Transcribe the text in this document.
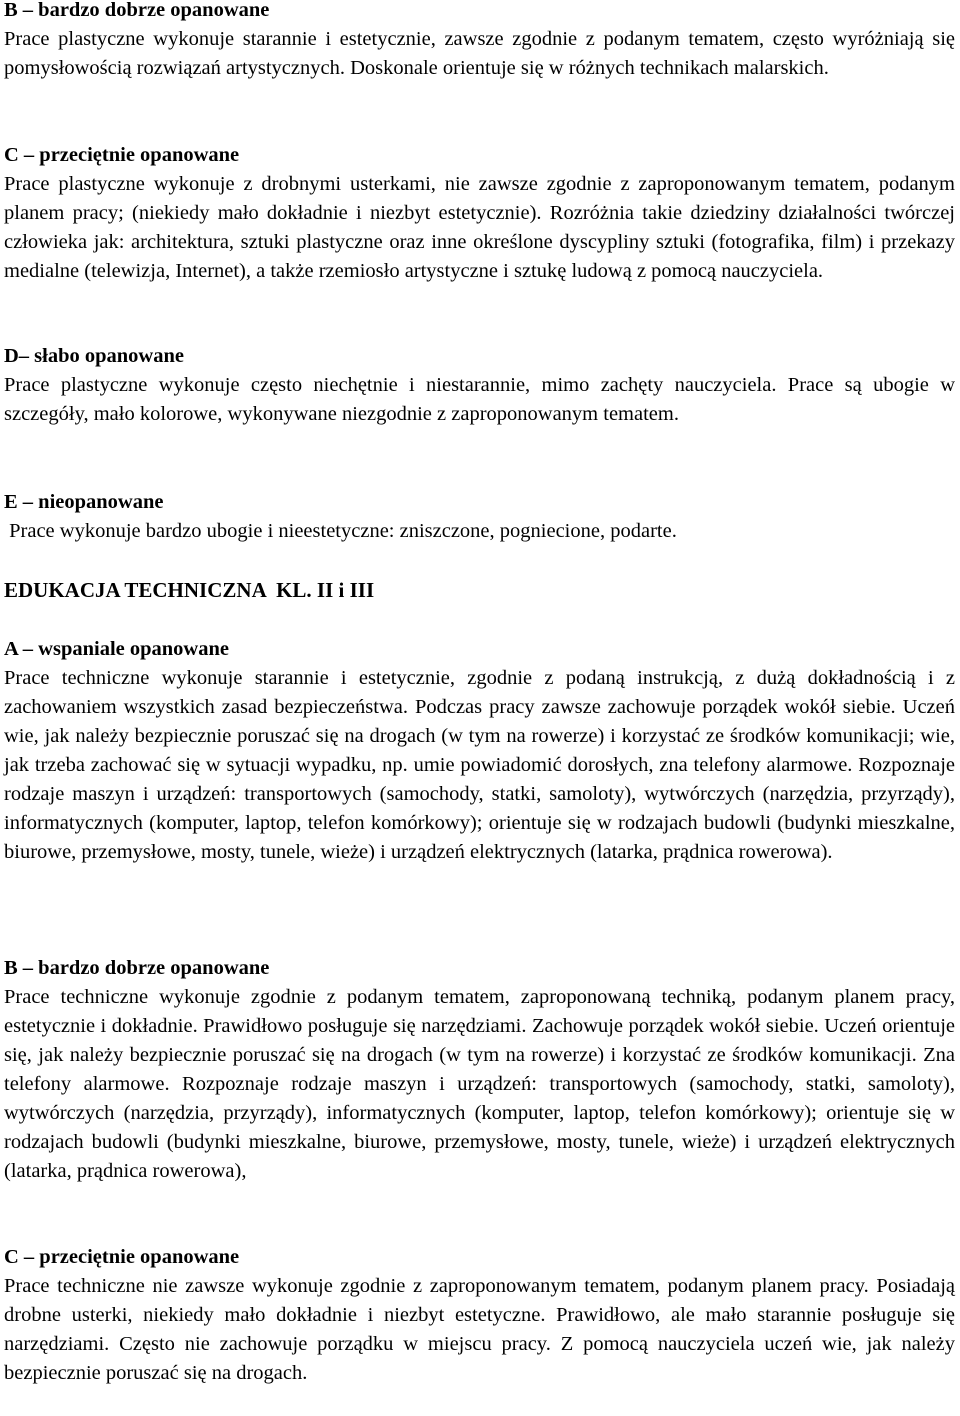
B – bardzo dobrze opanowane

Prace plastyczne wykonuje starannie i estetycznie, zawsze zgodnie z podanym tematem, często wyróżniają się pomysłowością rozwiązań artystycznych. Doskonale orientuje się w różnych technikach malarskich.

C – przeciętnie opanowane

Prace plastyczne wykonuje z drobnymi usterkami, nie zawsze zgodnie z zaproponowanym tematem, podanym planem pracy; (niekiedy mało dokładnie i niezbyt estetycznie). Rozróżnia takie dziedziny działalności twórczej człowieka jak: architektura, sztuki plastyczne oraz inne określone dyscypliny sztuki (fotografika, film) i przekazy medialne (telewizja, Internet), a także rzemiosło artystyczne i sztukę ludową z pomocą nauczyciela.

D– słabo opanowane

Prace plastyczne wykonuje często niechętnie i niestarannie, mimo zachęty nauczyciela. Prace są ubogie w szczegóły, mało kolorowe, wykonywane niezgodnie z zaproponowanym tematem.

E – nieopanowane

Prace wykonuje bardzo ubogie i nieestetyczne: zniszczone, pogniecione, podarte.

EDUKACJA TECHNICZNA  KL. II i III

A – wspaniale opanowane

Prace techniczne wykonuje starannie i estetycznie, zgodnie z podaną instrukcją, z dużą dokładnością i z zachowaniem wszystkich zasad bezpieczeństwa. Podczas pracy zawsze zachowuje porządek wokół siebie. Uczeń wie, jak należy bezpiecznie poruszać się na drogach (w tym na rowerze) i korzystać ze środków komunikacji; wie, jak trzeba zachować się w sytuacji wypadku, np. umie powiadomić dorosłych, zna telefony alarmowe. Rozpoznaje rodzaje maszyn i urządzeń: transportowych (samochody, statki, samoloty), wytwórczych (narzędzia, przyrządy), informatycznych (komputer, laptop, telefon komórkowy); orientuje się w rodzajach budowli (budynki mieszkalne, biurowe, przemysłowe, mosty, tunele, wieże) i urządzeń elektrycznych (latarka, prądnica rowerowa).

B – bardzo dobrze opanowane

Prace techniczne wykonuje zgodnie z podanym tematem, zaproponowaną techniką, podanym planem pracy, estetycznie i dokładnie. Prawidłowo posługuje się narzędziami. Zachowuje porządek wokół siebie. Uczeń orientuje się, jak należy bezpiecznie poruszać się na drogach (w tym na rowerze) i korzystać ze środków komunikacji. Zna telefony alarmowe. Rozpoznaje rodzaje maszyn i urządzeń: transportowych (samochody, statki, samoloty), wytwórczych (narzędzia, przyrządy), informatycznych (komputer, laptop, telefon komórkowy); orientuje się w rodzajach budowli (budynki mieszkalne, biurowe, przemysłowe, mosty, tunele, wieże) i urządzeń elektrycznych (latarka, prądnica rowerowa),

C – przeciętnie opanowane

Prace techniczne nie zawsze wykonuje zgodnie z zaproponowanym tematem, podanym planem pracy. Posiadają drobne usterki, niekiedy mało dokładnie i niezbyt estetyczne. Prawidłowo, ale mało starannie posługuje się narzędziami. Często nie zachowuje porządku w miejscu pracy. Z pomocą nauczyciela uczeń wie, jak należy bezpiecznie poruszać się na drogach.
